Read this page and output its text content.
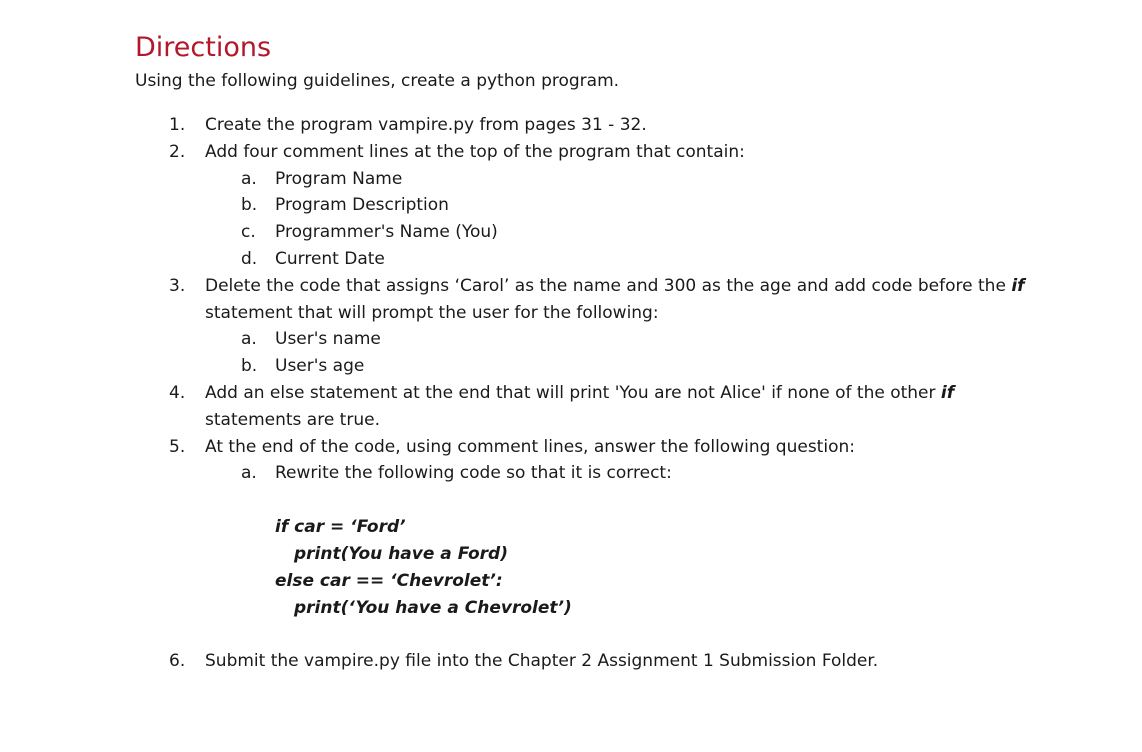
Directions

Using the following guidelines, create a python program.

1. Create the program vampire.py from pages 31 - 32.
2. Add four comment lines at the top of the program that contain:
a. Program Name
b. Program Description
c. Programmer's Name (You)
d. Current Date
3. Delete the code that assigns ‘Carol’ as the name and 300 as the age and add code before the if
statement that will prompt the user for the following:
a. User's name
b. User's age
4. Add an else statement at the end that will print 'You are not Alice' if none of the other if statements are true.
5. At the end of the code, using comment lines, answer the following question:
a. Rewrite the following code so that it is correct:
if car = ‘Ford’
print(You have a Ford)
else car == ‘Chevrolet’:
print(‘You have a Chevrolet’)
6. Submit the vampire.py file into the Chapter 2 Assignment 1 Submission Folder.
